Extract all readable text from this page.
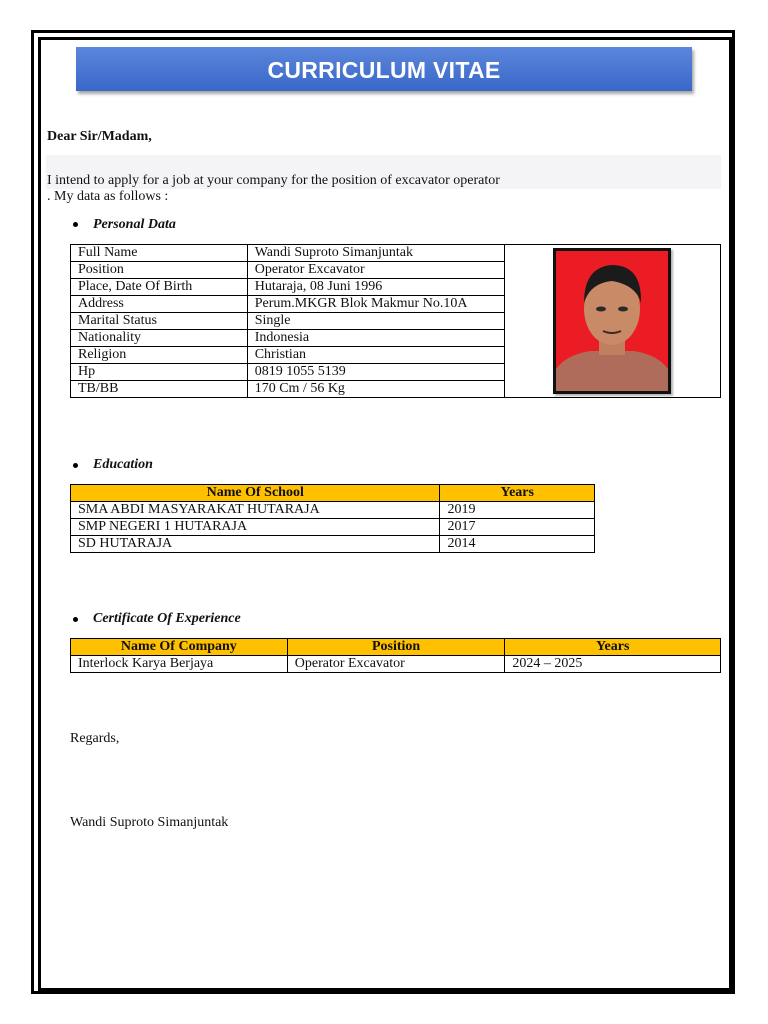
CURRICULUM VITAE
Dear Sir/Madam,
I intend to apply for a job at your company for the position of excavator operator
. My data as follows :
Personal Data
Full Name	Wandi Suproto Simanjuntak	

Position	Operator Excavator	
Place, Date Of Birth	Hutaraja, 08 Juni 1996	
Address	Perum.MKGR Blok Makmur No.10A	
Marital Status	Single	
Nationality	Indonesia	
Religion	Christian	
Hp	0819 1055 5139	
TB/BB	170 Cm / 56 Kg	
Education
Name Of School	Years
SMA ABDI MASYARAKAT HUTARAJA	2019
SMP NEGERI 1 HUTARAJA	2017
SD HUTARAJA	2014
Certificate Of Experience
Name Of Company	Position	Years
Interlock Karya Berjaya	Operator Excavator	2024 – 2025
Regards,
Wandi Suproto Simanjuntak
